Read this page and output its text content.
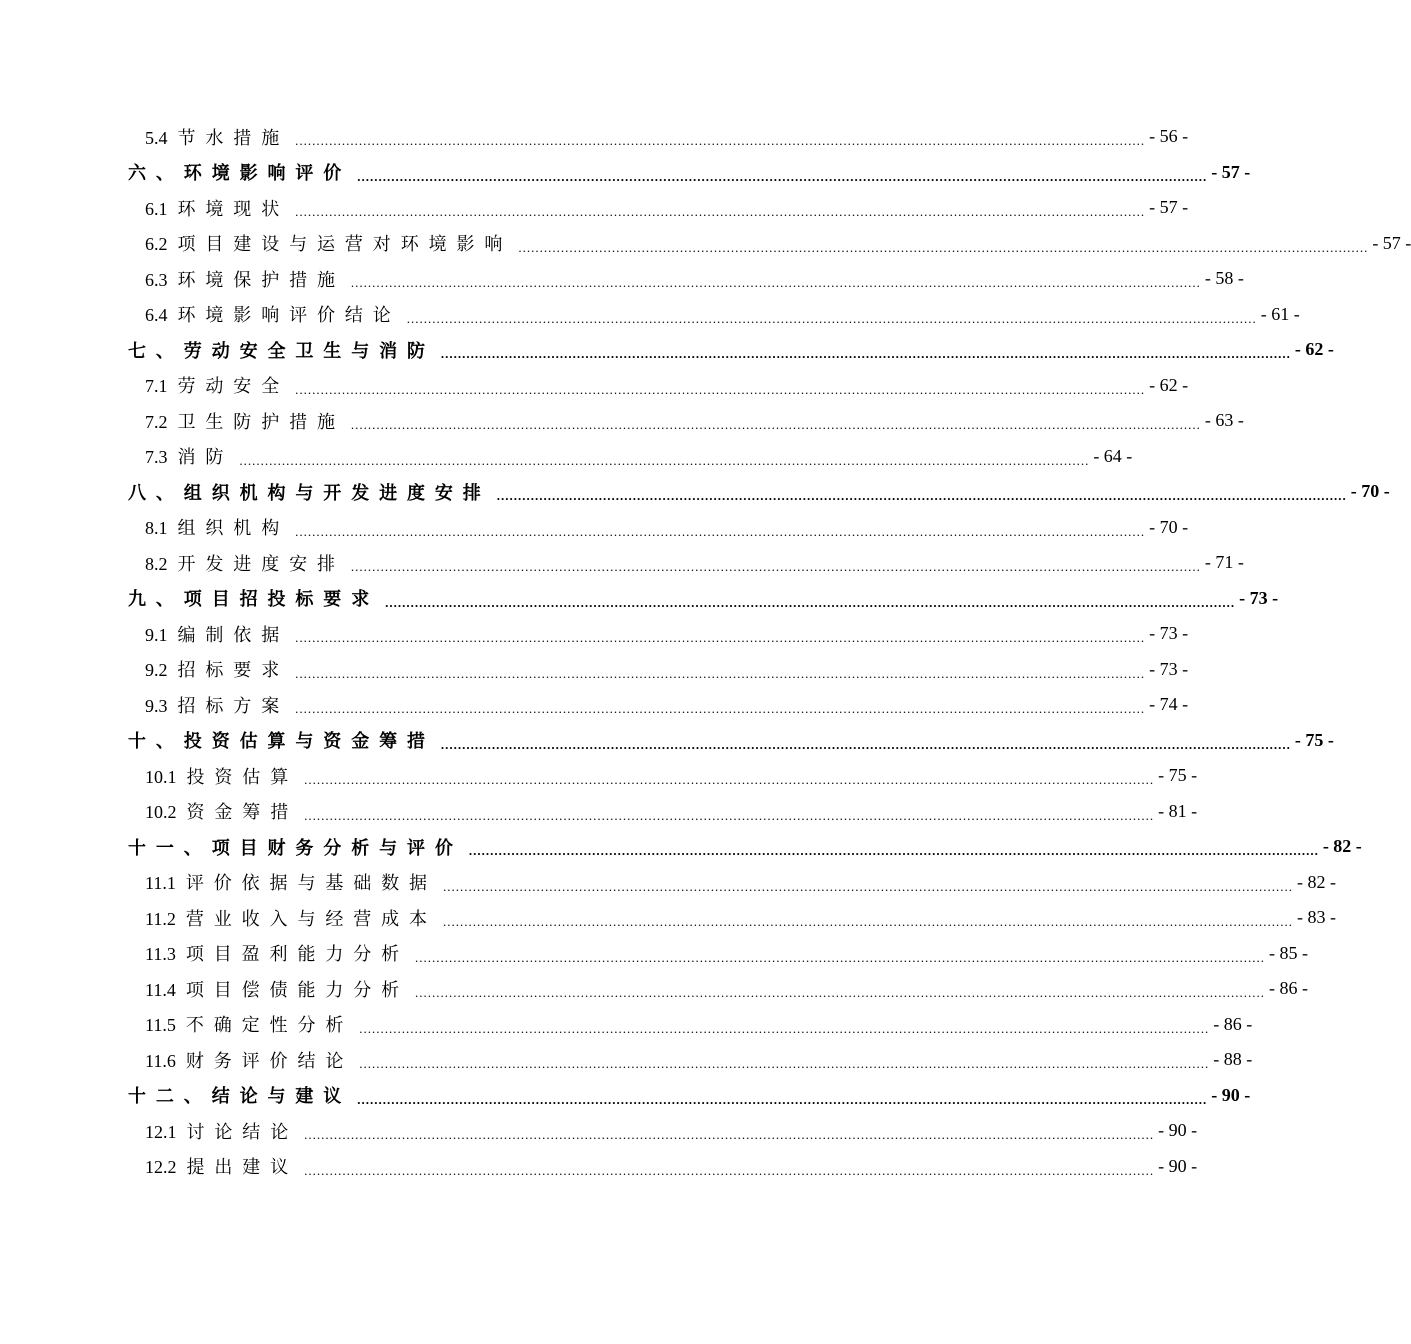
5.4 节水措施 ........................................................................................................................................................................................................ - 56 -
六、环境影响评价 ........................................................................................................................................................................................................ - 57 -
6.1 环境现状 ........................................................................................................................................................................................................ - 57 -
6.2 项目建设与运营对环境影响 ........................................................................................................................................................................................................ - 57 -
6.3 环境保护措施 ........................................................................................................................................................................................................ - 58 -
6.4 环境影响评价结论 ........................................................................................................................................................................................................ - 61 -
七、劳动安全卫生与消防 ........................................................................................................................................................................................................ - 62 -
7.1 劳动安全 ........................................................................................................................................................................................................ - 62 -
7.2 卫生防护措施 ........................................................................................................................................................................................................ - 63 -
7.3 消防 ........................................................................................................................................................................................................ - 64 -
八、组织机构与开发进度安排 ........................................................................................................................................................................................................ - 70 -
8.1 组织机构 ........................................................................................................................................................................................................ - 70 -
8.2 开发进度安排 ........................................................................................................................................................................................................ - 71 -
九、项目招投标要求 ........................................................................................................................................................................................................ - 73 -
9.1 编制依据 ........................................................................................................................................................................................................ - 73 -
9.2 招标要求 ........................................................................................................................................................................................................ - 73 -
9.3 招标方案 ........................................................................................................................................................................................................ - 74 -
十、投资估算与资金筹措 ........................................................................................................................................................................................................ - 75 -
10.1 投资估算 ........................................................................................................................................................................................................ - 75 -
10.2 资金筹措 ........................................................................................................................................................................................................ - 81 -
十一、项目财务分析与评价 ........................................................................................................................................................................................................ - 82 -
11.1 评价依据与基础数据 ........................................................................................................................................................................................................ - 82 -
11.2 营业收入与经营成本 ........................................................................................................................................................................................................ - 83 -
11.3 项目盈利能力分析 ........................................................................................................................................................................................................ - 85 -
11.4 项目偿债能力分析 ........................................................................................................................................................................................................ - 86 -
11.5 不确定性分析 ........................................................................................................................................................................................................ - 86 -
11.6 财务评价结论 ........................................................................................................................................................................................................ - 88 -
十二、结论与建议 ........................................................................................................................................................................................................ - 90 -
12.1 讨论结论 ........................................................................................................................................................................................................ - 90 -
12.2 提出建议 ........................................................................................................................................................................................................ - 90 -
